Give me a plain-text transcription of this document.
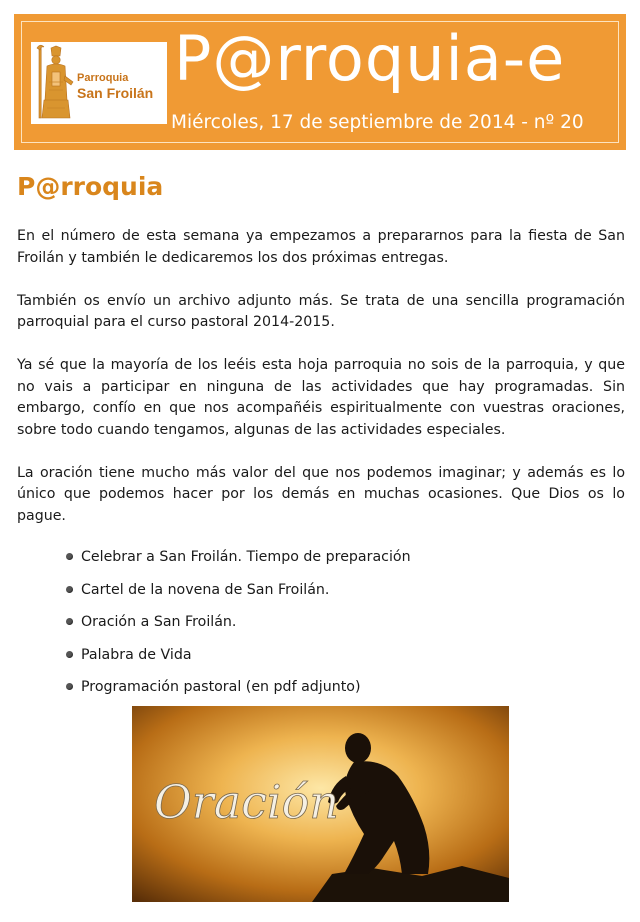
Parroquia
San Froilán P@rroquia-e
Miércoles, 17 de septiembre de 2014 - nº 20
P@rroquia

En el número de esta semana ya empezamos a prepararnos para la fiesta de San Froilán y también le dedicaremos los dos próximas entregas.

También os envío un archivo adjunto más. Se trata de una sencilla programación parroquial para el curso pastoral 2014-2015.

Ya sé que la mayoría de los leéis esta hoja parroquia no sois de la parroquia, y que no vais a participar en ninguna de las actividades que hay programadas. Sin embargo, confío en que nos acompañéis espiritualmente con vuestras oraciones, sobre todo cuando tengamos, algunas de las actividades especiales.

La oración tiene mucho más valor del que nos podemos imaginar; y además es lo único que podemos hacer por los demás en muchas ocasiones. Que Dios os lo pague.

Celebrar a San Froilán. Tiempo de preparación
Cartel de la novena de San Froilán.
Oración a San Froilán.
Palabra de Vida
Programación pastoral (en pdf adjunto)
Oración
